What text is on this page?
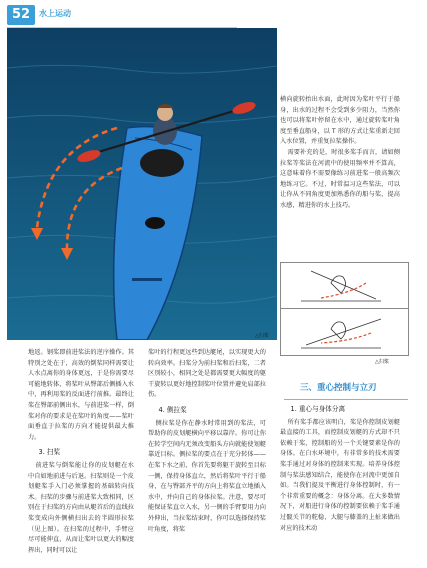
52	水上运动
△扫桨

地返。钢桨即前进桨法的逆序操作。其特别之处在于，高效的倒桨同样需要让人水点离你的身体更远，于是你需要尽可能地转体，将桨叶从臀部后侧插入水中，再利用桨的反面进行前推。最终让桨在臀部前侧出水，与前进桨一样，倒桨对你的要求是在桨叶的角度——桨叶面垂直于拉桨的方向才能提供最大推力。

3. 扫桨

前进桨与倒桨能让你的皮划艇在水中自如地前进与后退。扫桨则是一个皮划艇桨手入门必须掌握的基础转向技术。扫桨的步骤与前进桨大致相同，区别在于扫桨的方向由从艇首后的直线拉桨变成向外侧横扫出去的半圆形拉桨（见上图）。在扫桨的过程中，手臂应尽可能伸直，从而让桨叶以更大的幅度挥出，同时可以让

桨叶的行程更远些到达艇尾，以实现更大的转向效率。扫桨分为前扫桨和后扫桨，二者区别较小，相同之处是都需要更大幅度的躯干旋转以更好地控制桨叶位置并避免肩部拉伤。

4. 侧拉桨

侧拉桨是你在静水时常用到的桨法，可帮助你的皮划艇横向平移以靠岸。你可让你在转学空间内无须改变船头方向就能使划艇靠近目标。侧拉桨的要点在于充分转体——在桨下水之前，你首先要将躯干旋转至目标一侧，保持身体直立，然后将桨叶平行于船身，在与臀部齐平的方向上将桨直立地插入水中，并向自己的身体拉桨。注意，要尽可能保证桨直立入水，另一侧的手臂要用力向外伸出，当拉桨结束时，你可以选择保持桨叶角度，将桨

横向旋转抬出水面，此时因为桨叶平行于船身，出水的过程不会受到多少阻力，当然你也可以将桨叶停留在水中，通过旋转桨叶角度至垂直船身，以 T 形的方式让桨重新走回入水位置，并重复拉桨操作。

需要补充的是，时很多桨手而言，请如侧拉桨等桨法在河流中的使用频率并不算高，这意味着你不需要像练习前进桨一般高频次地练习它。不过，时常温习这些桨法，可以让你从不同角度更加熟悉你的船与桨，提高水感，精进你的水上技巧。

△扫桨
三、重心控制与立刃
1. 重心与身体分离

所有桨手都应该明白，桨是你控制皮划艇最直接的工具，而控制皮划艇的方式却不只依赖于桨，控制船的另一个关键要素是你的身体。在白水环境中，有非常多的技术需要桨手通过对身体的控制来实现。培养身体控制与桨法感知结合，能使你在河流中更加自如。当我们提及平衡进行身体控制时，有一个非常重要的概念：身体分离。在大多数情况下，对船进行身体的控制要依赖于桨手通过髋关节的舵稳，大腿与膝盖的上扯来做出对应的技术动
